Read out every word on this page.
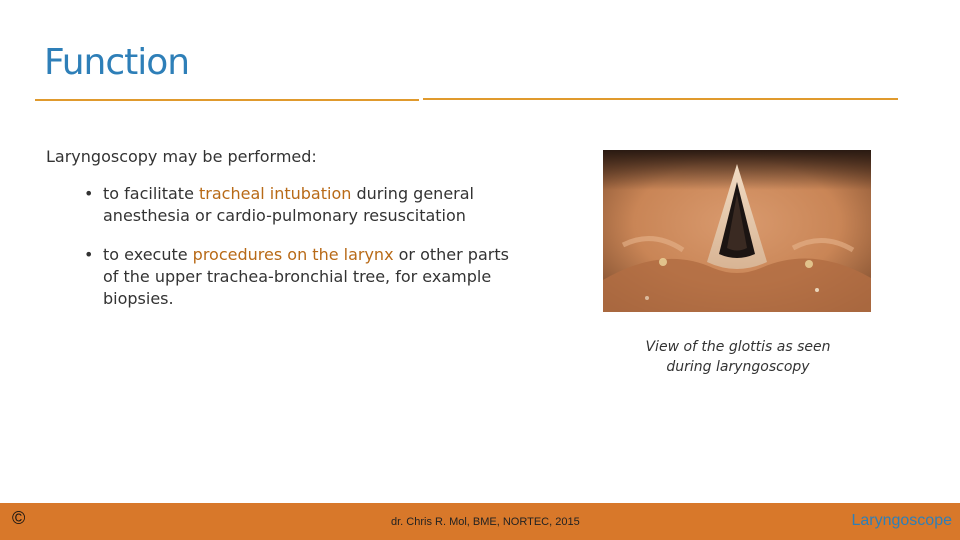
Function
Laryngoscopy may be performed:
• to facilitate tracheal intubation during general
anesthesia or cardio-pulmonary resuscitation
• to execute procedures on the larynx or other parts
of the upper trachea-bronchial tree, for example
biopsies.
View of the glottis as seen
during laryngoscopy
©	dr. Chris R. Mol, BME, NORTEC, 2015	Laryngoscope
